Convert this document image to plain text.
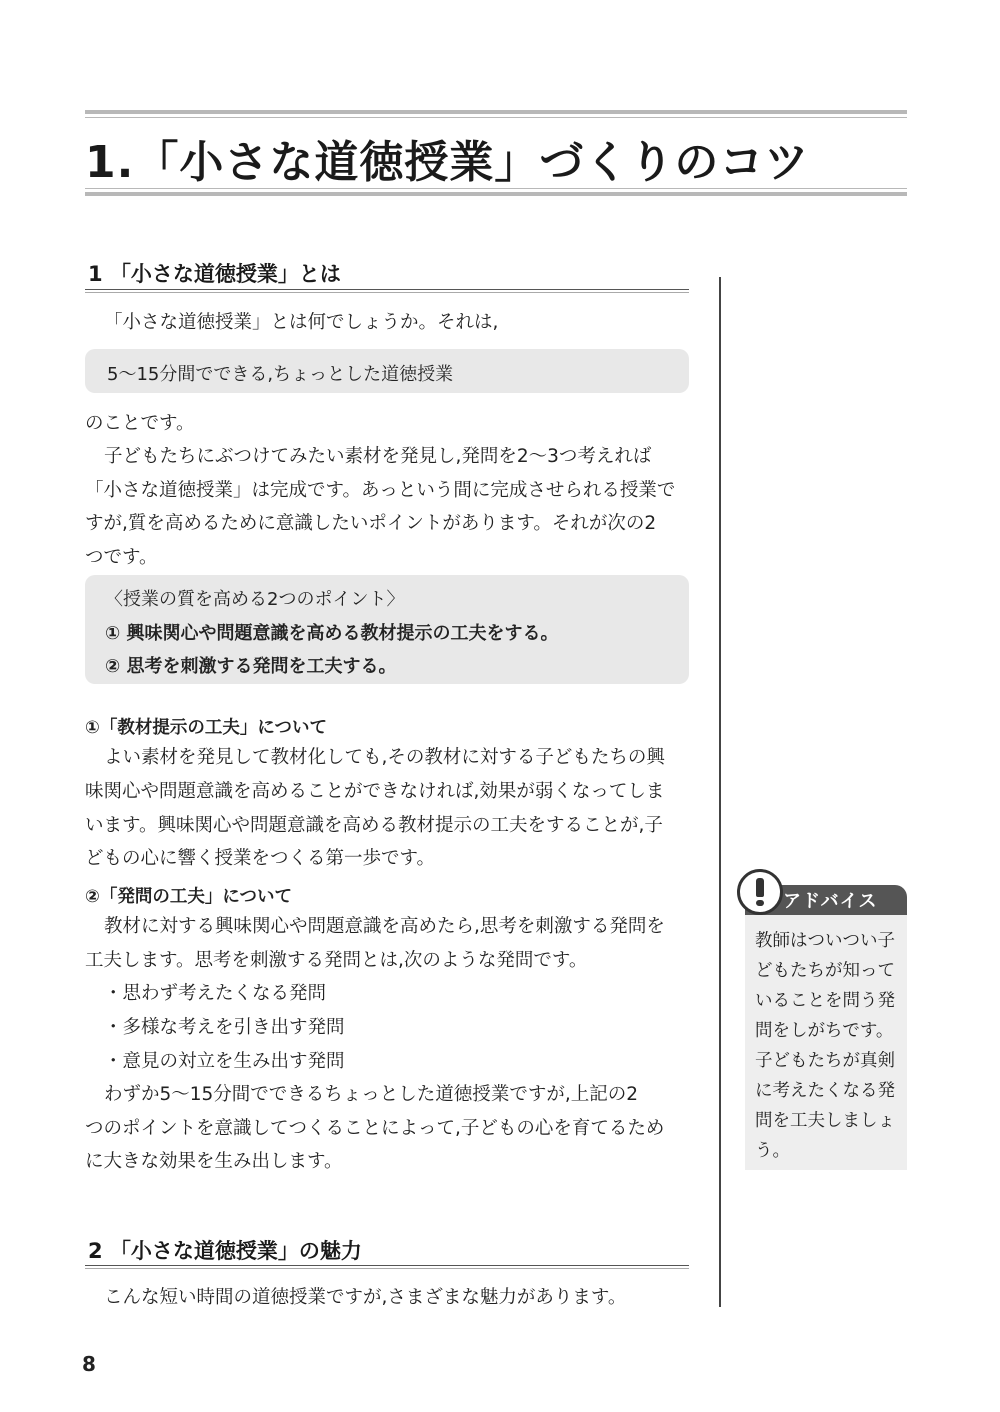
1.「小さな道徳授業」づくりのコツ
1 「小さな道徳授業」とは
「小さな道徳授業」とは何でしょうか。それは,
5～15分間でできる,ちょっとした道徳授業
のことです。
子どもたちにぶつけてみたい素材を発見し,発問を2～3つ考えれば
「小さな道徳授業」は完成です。あっという間に完成させられる授業で
すが,質を高めるために意識したいポイントがあります。それが次の2
つです。
〈授業の質を高める2つのポイント〉
① 興味関心や問題意識を高める教材提示の工夫をする。
② 思考を刺激する発問を工夫する。
①「教材提示の工夫」について
よい素材を発見して教材化しても,その教材に対する子どもたちの興
味関心や問題意識を高めることができなければ,効果が弱くなってしま
います。興味関心や問題意識を高める教材提示の工夫をすることが,子
どもの心に響く授業をつくる第一歩です。
②「発問の工夫」について
教材に対する興味関心や問題意識を高めたら,思考を刺激する発問を
工夫します。思考を刺激する発問とは,次のような発問です。
・思わず考えたくなる発問
・多様な考えを引き出す発問
・意見の対立を生み出す発問
わずか5～15分間でできるちょっとした道徳授業ですが,上記の2
つのポイントを意識してつくることによって,子どもの心を育てるため
に大きな効果を生み出します。
2 「小さな道徳授業」の魅力
こんな短い時間の道徳授業ですが,さまざまな魅力があります。
アドバイス
教師はついつい子
どもたちが知って
いることを問う発
問をしがちです。
子どもたちが真剣
に考えたくなる発
問を工夫しましょ
う。
8
